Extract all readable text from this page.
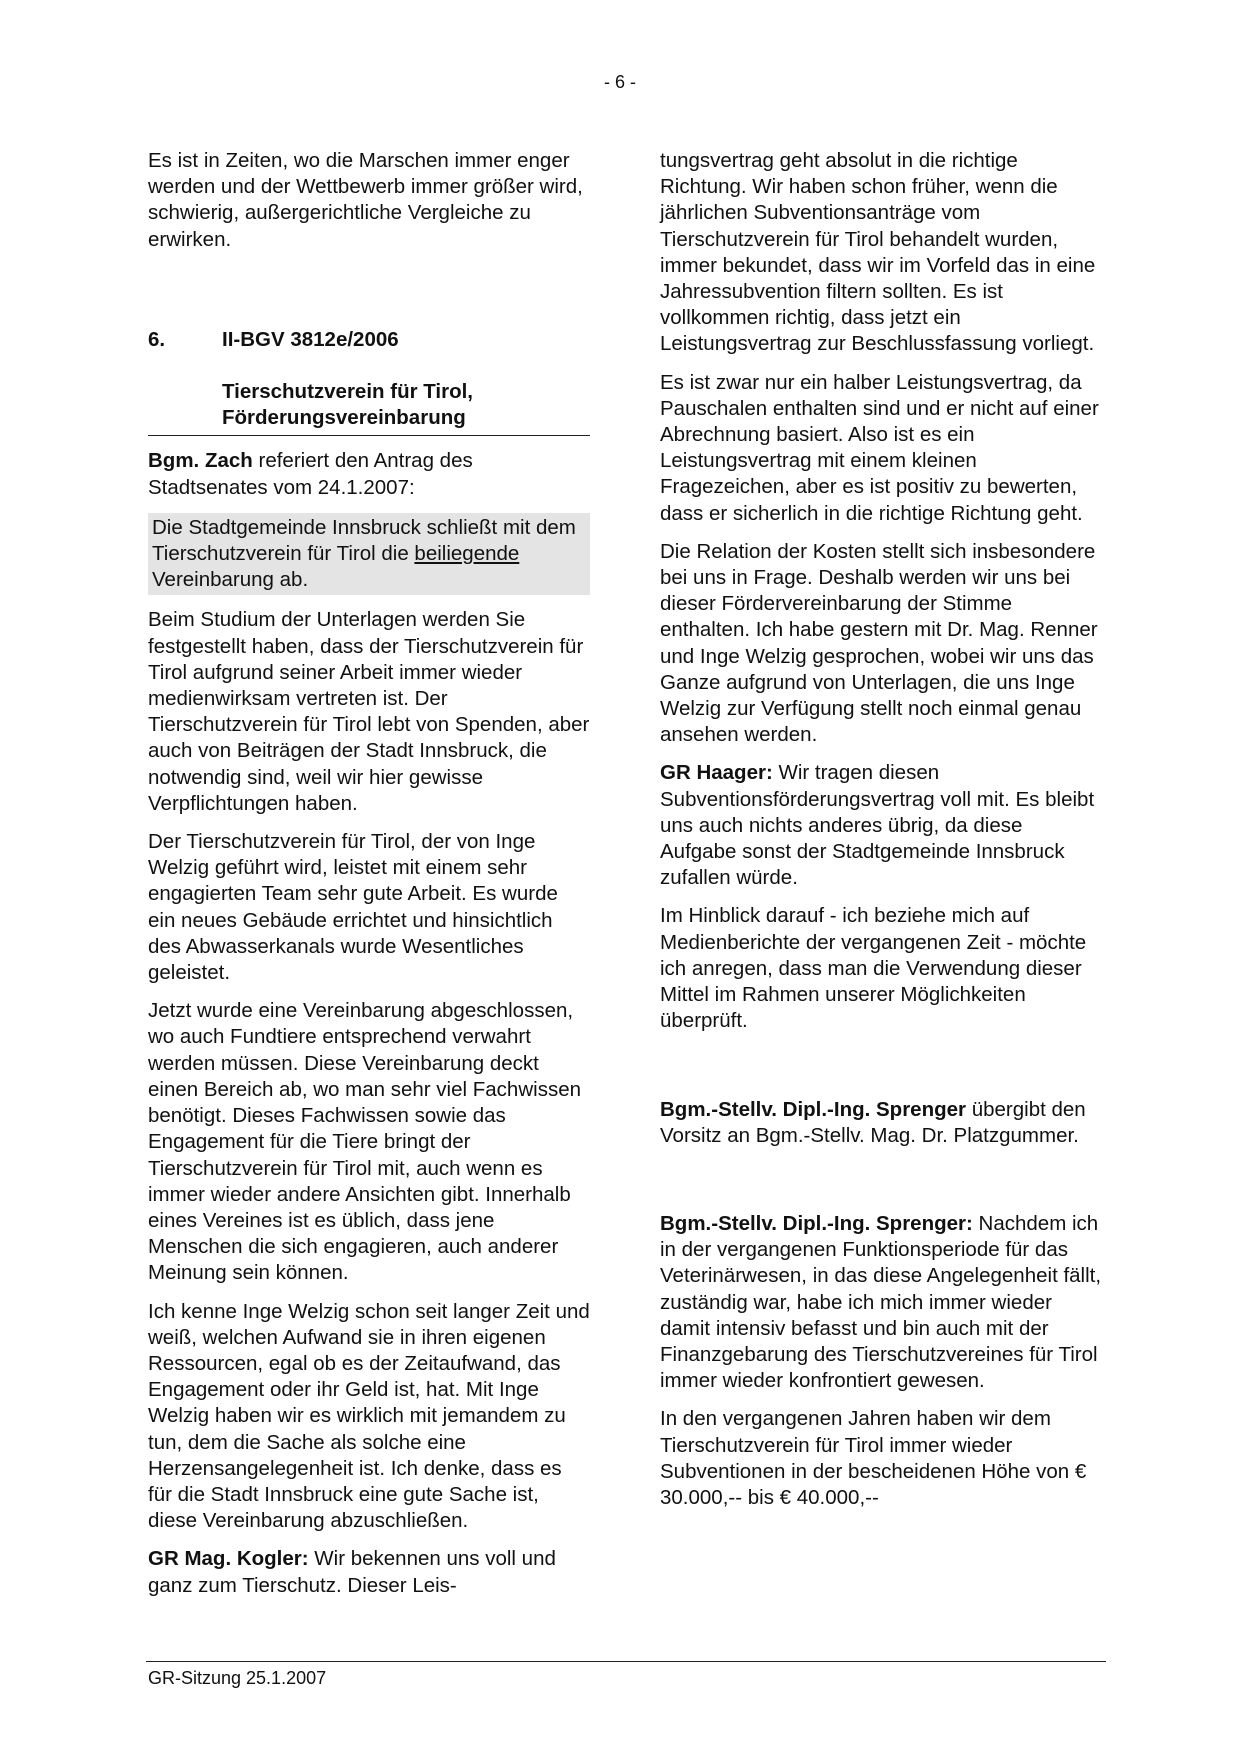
- 6 -

Es ist in Zeiten, wo die Marschen immer enger werden und der Wettbewerb immer größer wird, schwierig, außergerichtliche Vergleiche zu erwirken.

6.	II-BGV 3812e/2006
Tierschutzverein für Tirol,
Förderungsvereinbarung

Bgm. Zach referiert den Antrag des Stadtsenates vom 24.1.2007:

Die Stadtgemeinde Innsbruck schließt mit dem Tierschutzverein für Tirol die beiliegende Vereinbarung ab.

Beim Studium der Unterlagen werden Sie festgestellt haben, dass der Tierschutzverein für Tirol aufgrund seiner Arbeit immer wieder medienwirksam vertreten ist. Der Tierschutzverein für Tirol lebt von Spenden, aber auch von Beiträgen der Stadt Innsbruck, die notwendig sind, weil wir hier gewisse Verpflichtungen haben.

Der Tierschutzverein für Tirol, der von Inge Welzig geführt wird, leistet mit einem sehr engagierten Team sehr gute Arbeit. Es wurde ein neues Gebäude errichtet und hinsichtlich des Abwasserkanals wurde Wesentliches geleistet.

Jetzt wurde eine Vereinbarung abgeschlossen, wo auch Fundtiere entsprechend verwahrt werden müssen. Diese Vereinbarung deckt einen Bereich ab, wo man sehr viel Fachwissen benötigt. Dieses Fachwissen sowie das Engagement für die Tiere bringt der Tierschutzverein für Tirol mit, auch wenn es immer wieder andere Ansichten gibt. Innerhalb eines Vereines ist es üblich, dass jene Menschen die sich engagieren, auch anderer Meinung sein können.

Ich kenne Inge Welzig schon seit langer Zeit und weiß, welchen Aufwand sie in ihren eigenen Ressourcen, egal ob es der Zeitaufwand, das Engagement oder ihr Geld ist, hat. Mit Inge Welzig haben wir es wirklich mit jemandem zu tun, dem die Sache als solche eine Herzensangelegenheit ist. Ich denke, dass es für die Stadt Innsbruck eine gute Sache ist, diese Vereinbarung abzuschließen.

GR Mag. Kogler: Wir bekennen uns voll und ganz zum Tierschutz. Dieser Leis-

tungsvertrag geht absolut in die richtige Richtung. Wir haben schon früher, wenn die jährlichen Subventionsanträge vom Tierschutzverein für Tirol behandelt wurden, immer bekundet, dass wir im Vorfeld das in eine Jahressubvention filtern sollten. Es ist vollkommen richtig, dass jetzt ein Leistungsvertrag zur Beschlussfassung vorliegt.

Es ist zwar nur ein halber Leistungsvertrag, da Pauschalen enthalten sind und er nicht auf einer Abrechnung basiert. Also ist es ein Leistungsvertrag mit einem kleinen Fragezeichen, aber es ist positiv zu bewerten, dass er sicherlich in die richtige Richtung geht.

Die Relation der Kosten stellt sich insbesondere bei uns in Frage. Deshalb werden wir uns bei dieser Fördervereinbarung der Stimme enthalten. Ich habe gestern mit Dr. Mag. Renner und Inge Welzig gesprochen, wobei wir uns das Ganze aufgrund von Unterlagen, die uns Inge Welzig zur Verfügung stellt noch einmal genau ansehen werden.

GR Haager: Wir tragen diesen Subventionsförderungsvertrag voll mit. Es bleibt uns auch nichts anderes übrig, da diese Aufgabe sonst der Stadtgemeinde Innsbruck zufallen würde.

Im Hinblick darauf - ich beziehe mich auf Medienberichte der vergangenen Zeit - möchte ich anregen, dass man die Verwendung dieser Mittel im Rahmen unserer Möglichkeiten überprüft.

Bgm.-Stellv. Dipl.-Ing. Sprenger übergibt den Vorsitz an Bgm.-Stellv. Mag. Dr. Platzgummer.

Bgm.-Stellv. Dipl.-Ing. Sprenger: Nachdem ich in der vergangenen Funktionsperiode für das Veterinärwesen, in das diese Angelegenheit fällt, zuständig war, habe ich mich immer wieder damit intensiv befasst und bin auch mit der Finanzgebarung des Tierschutzvereines für Tirol immer wieder konfrontiert gewesen.

In den vergangenen Jahren haben wir dem Tierschutzverein für Tirol immer wieder Subventionen in der bescheidenen Höhe von € 30.000,-- bis € 40.000,--

GR-Sitzung 25.1.2007
